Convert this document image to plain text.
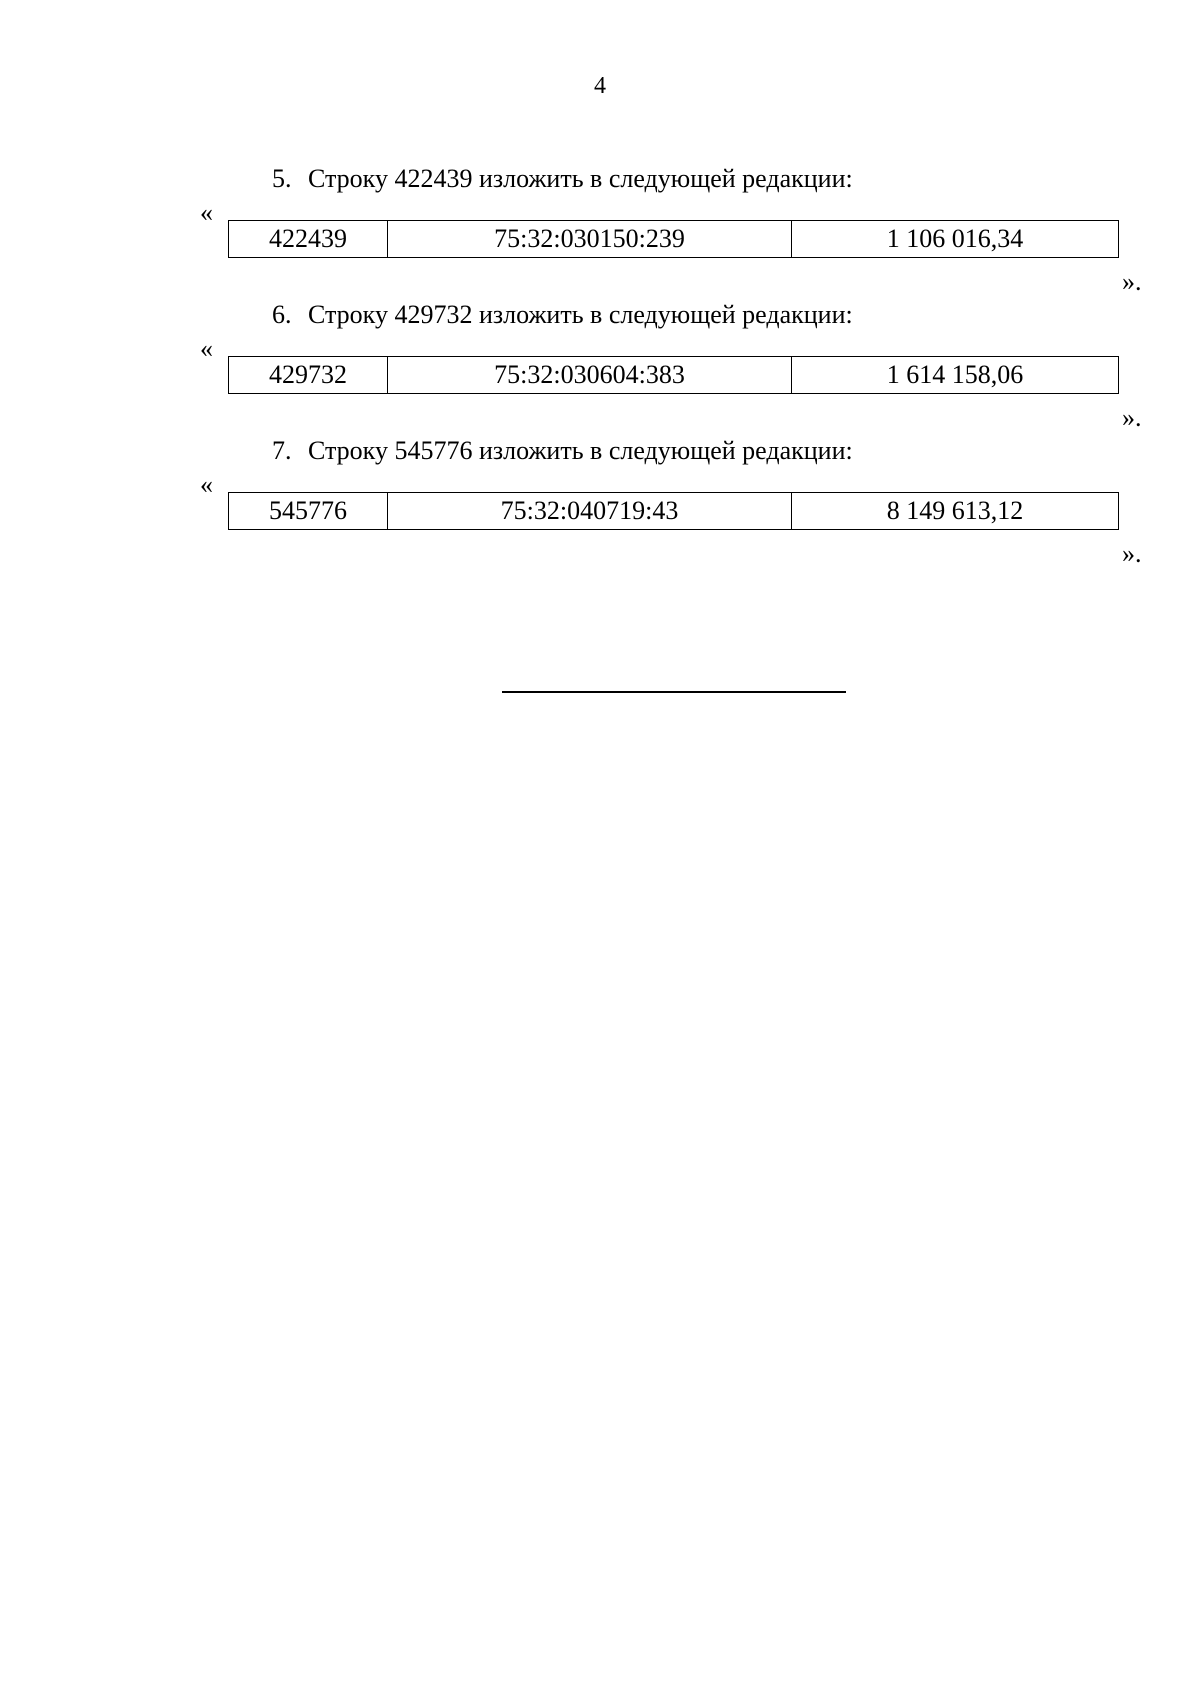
4
5. Строку 422439 изложить в следующей редакции:
«
422439	75:32:030150:239	1 106 016,34
».
6. Строку 429732 изложить в следующей редакции:
«
429732	75:32:030604:383	1 614 158,06
».
7. Строку 545776 изложить в следующей редакции:
«
545776	75:32:040719:43	8 149 613,12
».
